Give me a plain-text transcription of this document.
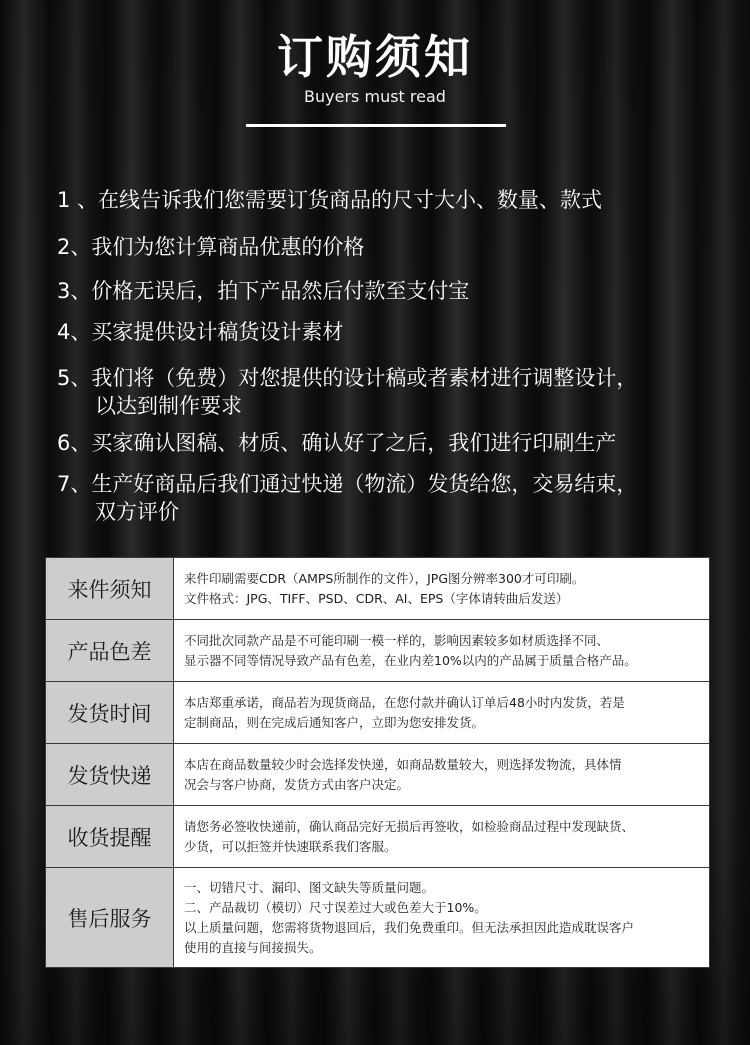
订购须知
Buyers must read
1 、在线告诉我们您需要订货商品的尺寸大小、数量、款式
2、我们为您计算商品优惠的价格
3、价格无误后，拍下产品然后付款至支付宝
4、买家提供设计稿货设计素材
5、我们将（免费）对您提供的设计稿或者素材进行调整设计，
以达到制作要求
6、买家确认图稿、材质、确认好了之后，我们进行印刷生产
7、生产好商品后我们通过快递（物流）发货给您，交易结束，
双方评价
来件须知	来件印刷需要CDR（AMPS所制作的文件），JPG图分辨率300才可印刷。
文件格式：JPG、TIFF、PSD、CDR、AI、EPS（字体请转曲后发送）

产品色差	不同批次同款产品是不可能印刷一模一样的，影响因素较多如材质选择不同、
显示器不同等情况导致产品有色差，在业内差10%以内的产品属于质量合格产品。

发货时间	本店郑重承诺，商品若为现货商品，在您付款并确认订单后48小时内发货，若是
定制商品，则在完成后通知客户，立即为您安排发货。

发货快递	本店在商品数量较少时会选择发快递，如商品数量较大，则选择发物流，具体情
况会与客户协商，发货方式由客户决定。

收货提醒	请您务必签收快递前，确认商品完好无损后再签收，如检验商品过程中发现缺货、
少货，可以拒签并快速联系我们客服。

售后服务	一、切错尺寸、漏印、图文缺失等质量问题。
二、产品裁切（模切）尺寸误差过大或色差大于10%。
以上质量问题，您需将货物退回后，我们免费重印。但无法承担因此造成耽误客户
使用的直接与间接损失。
